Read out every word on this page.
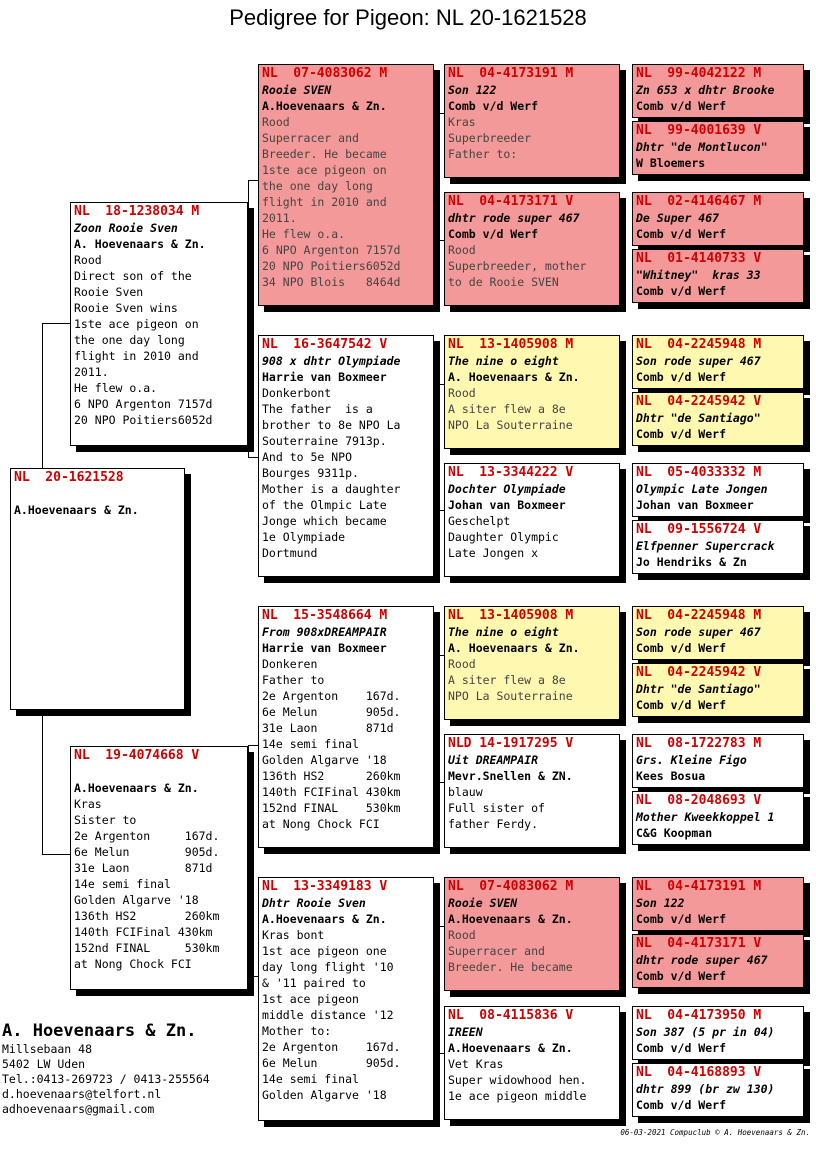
Pedigree for Pigeon: NL 20-1621528
NL  20-1621528
A.Hoevenaars & Zn.
NL  18-1238034 M
Zoon Rooie Sven
A. Hoevenaars & Zn.
Rood
Direct son of the
Rooie Sven
Rooie Sven wins
1ste ace pigeon on
the one day long
flight in 2010 and
2011.
He flew o.a.
6 NPO Argenton 7157d
20 NPO Poitiers6052d
NL  19-4074668 V
A.Hoevenaars & Zn.
Kras
Sister to
2e Argenton     167d.
6e Melun        905d.
31e Laon        871d
14e semi final
Golden Algarve '18
136th HS2       260km
140th FCIFinal 430km
152nd FINAL     530km
at Nong Chock FCI
NL  07-4083062 M
Rooie SVEN
A.Hoevenaars & Zn.
Rood
Superracer and
Breeder. He became
1ste ace pigeon on
the one day long
flight in 2010 and
2011.
He flew o.a.
6 NPO Argenton 7157d
20 NPO Poitiers6052d
34 NPO Blois   8464d
NL  16-3647542 V
908 x dhtr Olympiade
Harrie van Boxmeer
Donkerbont
The father  is a
brother to 8e NPO La
Souterraine 7913p.
And to 5e NPO
Bourges 9311p.
Mother is a daughter
of the Olmpic Late
Jonge which became
1e Olympiade
Dortmund
NL  15-3548664 M
From 908xDREAMPAIR
Harrie van Boxmeer
Donkeren
Father to
2e Argenton    167d.
6e Melun       905d.
31e Laon       871d
14e semi final
Golden Algarve '18
136th HS2      260km
140th FCIFinal 430km
152nd FINAL    530km
at Nong Chock FCI
NL  13-3349183 V
Dhtr Rooie Sven
A.Hoevenaars & Zn.
Kras bont
1st ace pigeon one
day long flight '10
& '11 paired to
1st ace pigeon
middle distance '12
Mother to:
2e Argenton    167d.
6e Melun       905d.
14e semi final
Golden Algarve '18
NL  04-4173191 M
Son 122
Comb v/d Werf
Kras
Superbreeder
Father to:
NL  04-4173171 V
dhtr rode super 467
Comb v/d Werf
Rood
Superbreeder, mother
to de Rooie SVEN
NL  13-1405908 M
The nine o eight
A. Hoevenaars & Zn.
Rood
A siter flew a 8e
NPO La Souterraine
NL  13-3344222 V
Dochter Olympiade
Johan van Boxmeer
Geschelpt
Daughter Olympic
Late Jongen x
NL  13-1405908 M
The nine o eight
A. Hoevenaars & Zn.
Rood
A siter flew a 8e
NPO La Souterraine
NLD 14-1917295 V
Uit DREAMPAIR
Mevr.Snellen & ZN.
blauw
Full sister of
father Ferdy.
NL  07-4083062 M
Rooie SVEN
A.Hoevenaars & Zn.
Rood
Superracer and
Breeder. He became
NL  08-4115836 V
IREEN
A.Hoevenaars & Zn.
Vet Kras
Super widowhood hen.
1e ace pigeon middle
NL  99-4042122 M
Zn 653 x dhtr Brooke
Comb v/d Werf
NL  99-4001639 V
Dhtr "de Montlucon"
W Bloemers
NL  02-4146467 M
De Super 467
Comb v/d Werf
NL  01-4140733 V
"Whitney"  kras 33
Comb v/d Werf
NL  04-2245948 M
Son rode super 467
Comb v/d Werf
NL  04-2245942 V
Dhtr "de Santiago"
Comb v/d Werf
NL  05-4033332 M
Olympic Late Jongen
Johan van Boxmeer
NL  09-1556724 V
Elfpenner Supercrack
Jo Hendriks & Zn
NL  04-2245948 M
Son rode super 467
Comb v/d Werf
NL  04-2245942 V
Dhtr "de Santiago"
Comb v/d Werf
NL  08-1722783 M
Grs. Kleine Figo
Kees Bosua
NL  08-2048693 V
Mother Kweekkoppel 1
C&G Koopman
NL  04-4173191 M
Son 122
Comb v/d Werf
NL  04-4173171 V
dhtr rode super 467
Comb v/d Werf
NL  04-4173950 M
Son 387 (5 pr in 04)
Comb v/d Werf
NL  04-4168893 V
dhtr 899 (br zw 130)
Comb v/d Werf
A. Hoevenaars & Zn.
Millsebaan 48
5402 LW Uden
Tel.:0413-269723 / 0413-255564
d.hoevenaars@telfort.nl
adhoevenaars@gmail.com
06-03-2021 Compuclub © A. Hoevenaars & Zn.
